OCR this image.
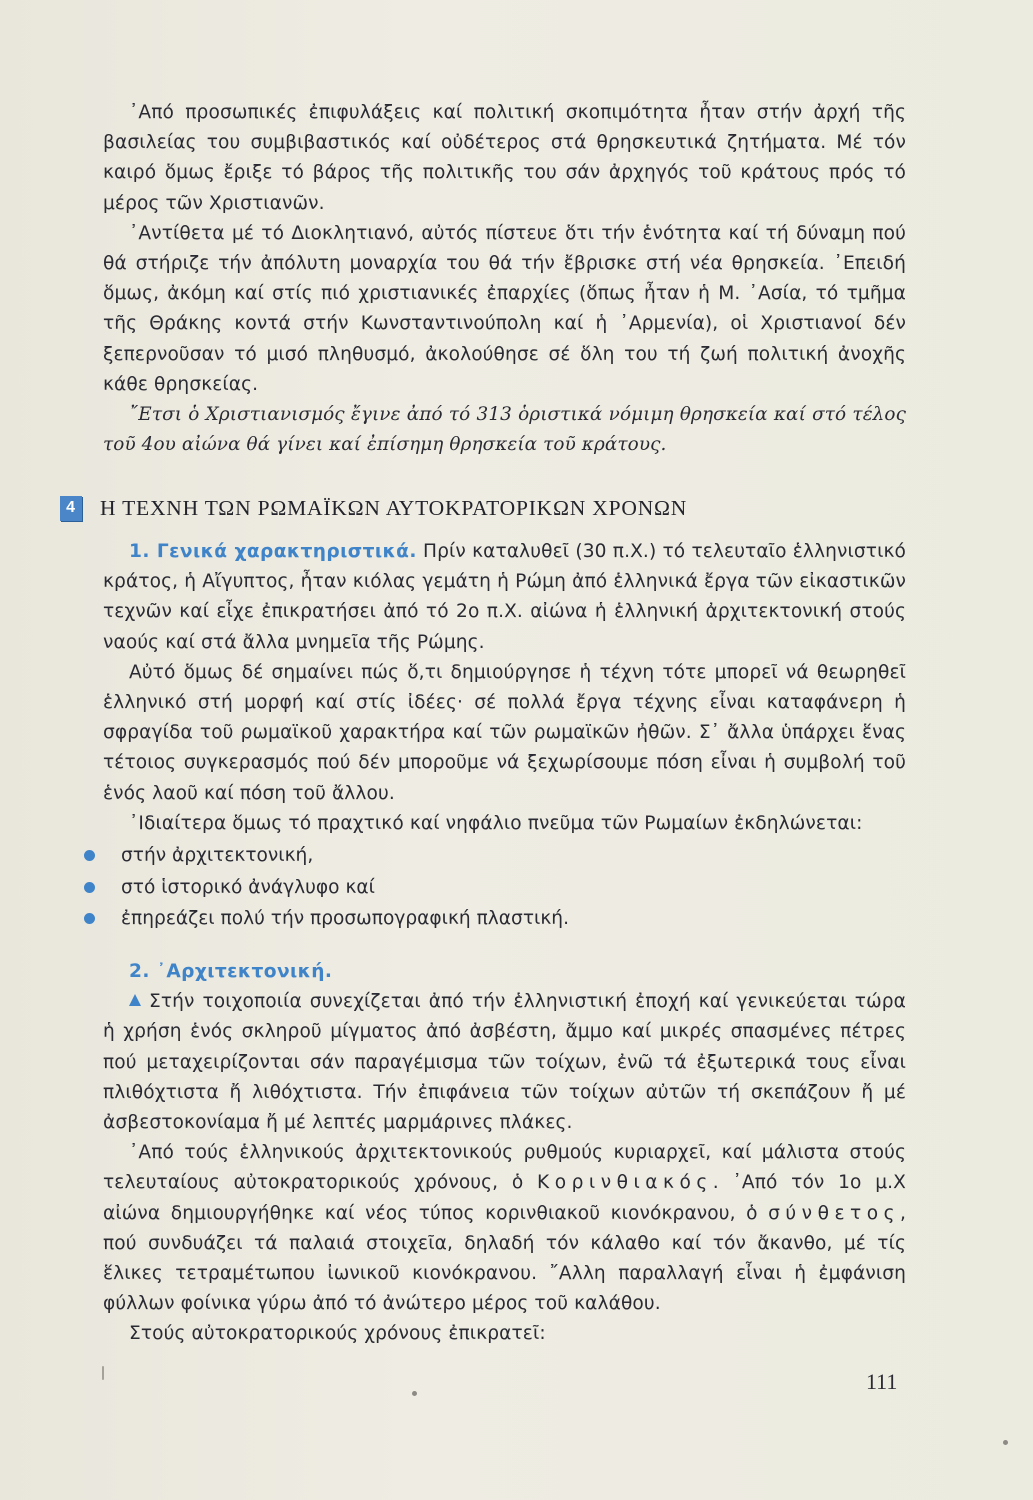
᾿Από προσωπικές ἐπιφυλάξεις καί πολιτική σκοπιμότητα ἦταν στήν ἀρχή τῆς βασιλείας του συμβιβαστικός καί οὐδέτερος στά θρησκευτικά ζητήματα. Μέ τόν καιρό ὅμως ἔριξε τό βάρος τῆς πολιτικῆς του σάν ἀρχηγός τοῦ κράτους πρός τό μέρος τῶν Χριστιανῶν.

᾿Αντίθετα μέ τό Διοκλητιανό, αὐτός πίστευε ὅτι τήν ἑνότητα καί τή δύναμη πού θά στήριζε τήν ἀπόλυτη μοναρχία του θά τήν ἔβρισκε στή νέα θρησκεία. ᾿Επειδή ὅμως, ἀκόμη καί στίς πιό χριστιανικές ἐπαρχίες (ὅπως ἦταν ἡ Μ. ᾿Ασία, τό τμῆμα τῆς Θράκης κοντά στήν Κωνσταντινούπολη καί ἡ ᾿Αρμενία), οἱ Χριστιανοί δέν ξεπερνοῦσαν τό μισό πληθυσμό, ἀκολούθησε σέ ὅλη του τή ζωή πολιτική ἀνοχῆς κάθε θρησκείας.

῎Ετσι ὁ Χριστιανισμός ἔγινε ἀπό τό 313 ὁριστικά νόμιμη θρησκεία καί στό τέλος τοῦ 4ου αἰώνα θά γίνει καί ἐπίσημη θρησκεία τοῦ κράτους.

4 Η ΤΕΧΝΗ ΤΩΝ ΡΩΜΑΪΚΩΝ ΑΥΤΟΚΡΑΤΟΡΙΚΩΝ ΧΡΟΝΩΝ

1. Γενικά χαρακτηριστικά. Πρίν καταλυθεῖ (30 π.Χ.) τό τελευταῖο ἑλληνιστικό κράτος, ἡ Αἴγυπτος, ἦταν κιόλας γεμάτη ἡ Ρώμη ἀπό ἑλληνικά ἔργα τῶν εἰκαστικῶν τεχνῶν καί εἶχε ἐπικρατήσει ἀπό τό 2ο π.Χ. αἰώνα ἡ ἑλληνική ἀρχιτεκτονική στούς ναούς καί στά ἄλλα μνημεῖα τῆς Ρώμης.

Αὐτό ὅμως δέ σημαίνει πώς ὅ,τι δημιούργησε ἡ τέχνη τότε μπορεῖ νά θεωρηθεῖ ἑλληνικό στή μορφή καί στίς ἰδέες· σέ πολλά ἔργα τέχνης εἶναι καταφάνερη ἡ σφραγίδα τοῦ ρωμαϊκοῦ χαρακτήρα καί τῶν ρωμαϊκῶν ἠθῶν. Σ᾿ ἄλλα ὑπάρχει ἕνας τέτοιος συγκερασμός πού δέν μποροῦμε νά ξεχωρίσουμε πόση εἶναι ἡ συμβολή τοῦ ἑνός λαοῦ καί πόση τοῦ ἄλλου.

᾿Ιδιαίτερα ὅμως τό πραχτικό καί νηφάλιο πνεῦμα τῶν Ρωμαίων ἐκδηλώνεται:

στήν ἀρχιτεκτονική,
στό ἱστορικό ἀνάγλυφο καί
ἐπηρεάζει πολύ τήν προσωπογραφική πλαστική.

2. ᾿Αρχιτεκτονική.

Στήν τοιχοποιία συνεχίζεται ἀπό τήν ἑλληνιστική ἐποχή καί γενικεύεται τώρα ἡ χρήση ἑνός σκληροῦ μίγματος ἀπό ἀσβέστη, ἄμμο καί μικρές σπασμένες πέτρες πού μεταχειρίζονται σάν παραγέμισμα τῶν τοίχων, ἐνῶ τά ἐξωτερικά τους εἶναι πλιθόχτιστα ἤ λιθόχτιστα. Τήν ἐπιφάνεια τῶν τοίχων αὐτῶν τή σκεπάζουν ἤ μέ ἀσβεστοκονίαμα ἤ μέ λεπτές μαρμάρινες πλάκες.

᾿Από τούς ἑλληνικούς ἀρχιτεκτονικούς ρυθμούς κυριαρχεῖ, καί μάλιστα στούς τελευταίους αὐτοκρατορικούς χρόνους, ὁ Κορινθιακός. ᾿Από τόν 1ο μ.Χ αἰώνα δημιουργήθηκε καί νέος τύπος κορινθιακοῦ κιονόκρανου, ὁ σύνθετος, πού συνδυάζει τά παλαιά στοιχεῖα, δηλαδή τόν κάλαθο καί τόν ἄκανθο, μέ τίς ἕλικες τετραμέτωπου ἰωνικοῦ κιονόκρανου. ῎Αλλη παραλλαγή εἶναι ἡ ἐμφάνιση φύλλων φοίνικα γύρω ἀπό τό ἀνώτερο μέρος τοῦ καλάθου.

Στούς αὐτοκρατορικούς χρόνους ἐπικρατεῖ:

111
